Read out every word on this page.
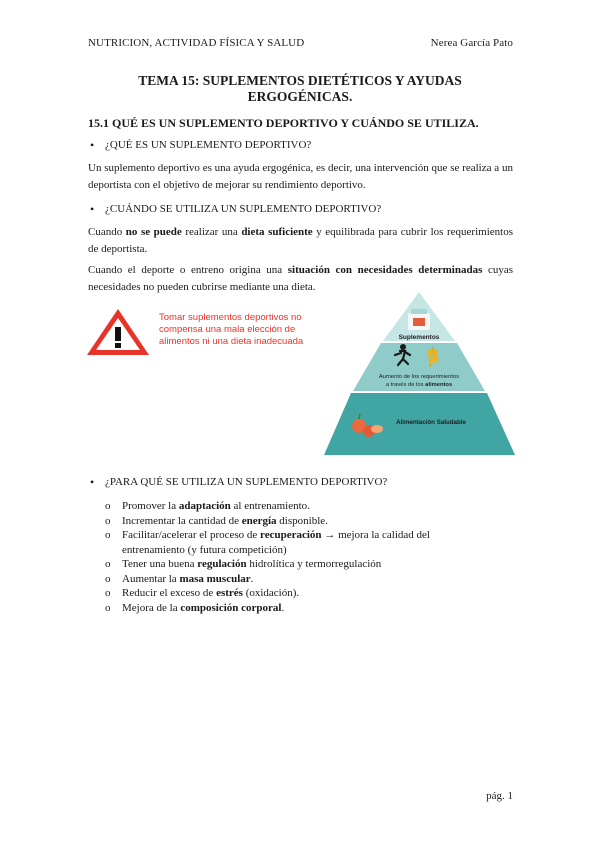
NUTRICION, ACTIVIDAD FÍSICA Y SALUD	Nerea García Pato
TEMA 15: SUPLEMENTOS DIETÉTICOS Y AYUDAS
ERGOGÉNICAS.
15.1 QUÉ ES UN SUPLEMENTO DEPORTIVO Y CUÁNDO SE UTILIZA.
• ¿QUÉ ES UN SUPLEMENTO DEPORTIVO?
Un suplemento deportivo es una ayuda ergogénica, es decir, una intervención que se realiza a un deportista con el objetivo de mejorar su rendimiento deportivo.
• ¿CUÁNDO SE UTILIZA UN SUPLEMENTO DEPORTIVO?
Cuando no se puede realizar una dieta suficiente y equilibrada para cubrir los requerimientos de deportista.
Cuando el deporte o entreno origina una situación con necesidades determinadas cuyas necesidades no pueden cubrirse mediante una dieta.
Tomar suplementos deportivos no compensa una mala elección de alimentos ni una dieta inadecuada	Suplementos
Aumento de los requerimientos
a través de los alimentos
Alimentación Saludable
• ¿PARA QUÉ SE UTILIZA UN SUPLEMENTO DEPORTIVO?
o Promover la adaptación al entrenamiento.
o Incrementar la cantidad de energía disponible.
o Facilitar/acelerar el proceso de recuperación → mejora la calidad del entrenamiento (y futura competición)
o Tener una buena regulación hidrolítica y termorregulación
o Aumentar la masa muscular.
o Reducir el exceso de estrés (oxidación).
o Mejora de la composición corporal.
pág. 1
